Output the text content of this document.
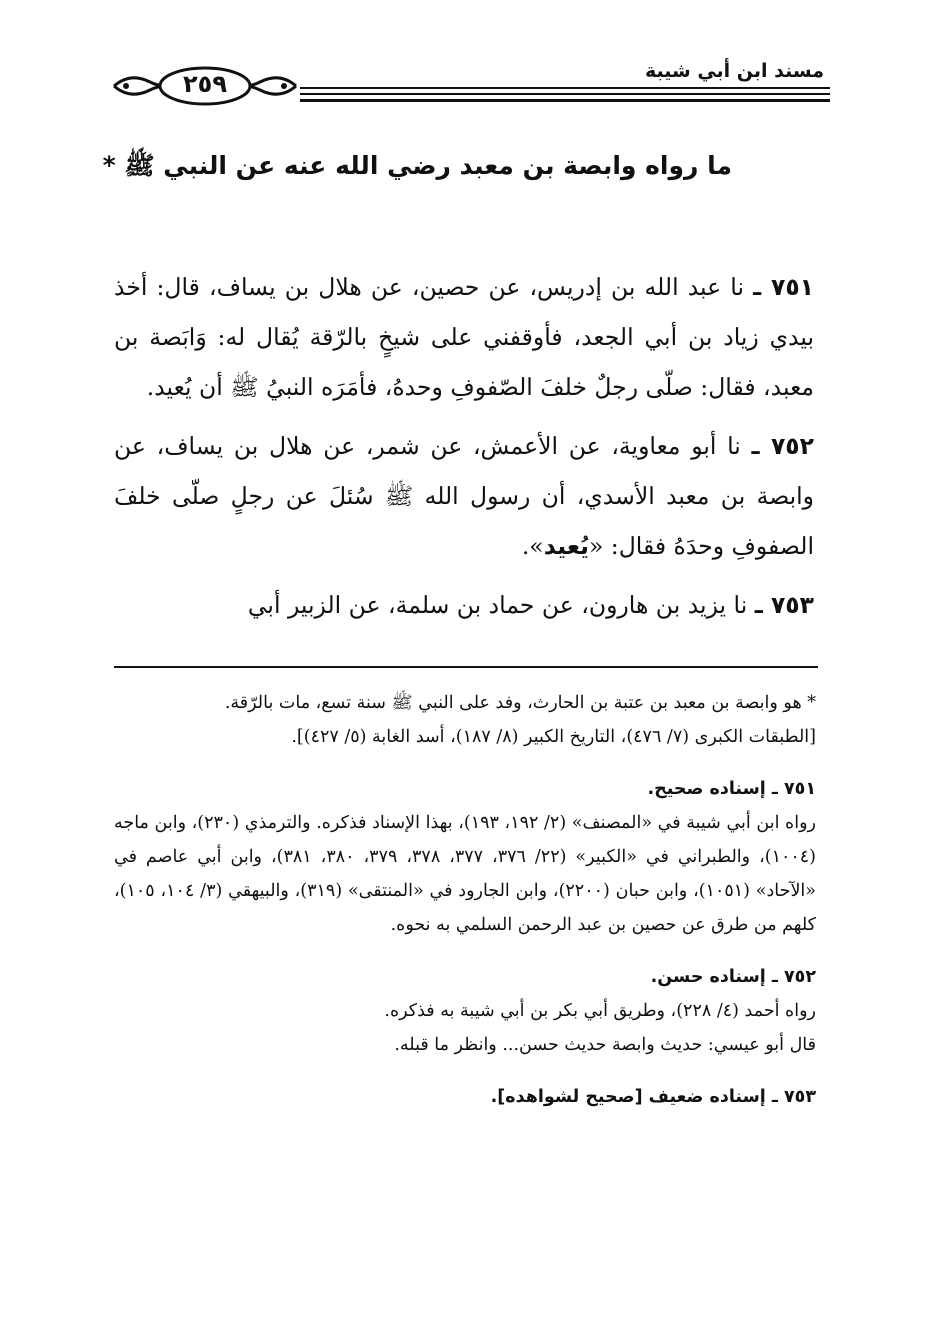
مسند ابن أبي شيبة
٢٥٩
ما رواه وابصة بن معبد رضي الله عنه عن النبي ﷺ *

٧٥١ ـ نا عبد الله بن إدريس، عن حصين، عن هلال بن يساف، قال: أخذ بيدي زياد بن أبي الجعد، فأوقفني على شيخٍ بالرّقة يُقال له: وَابَصة بن معبد، فقال: صلّى رجلٌ خلفَ الصّفوفِ وحدهُ، فأمَرَه النبيُ ﷺ أن يُعيد.

٧٥٢ ـ نا أبو معاوية، عن الأعمش، عن شمر، عن هلال بن يساف، عن وابصة بن معبد الأسدي، أن رسول الله ﷺ سُئلَ عن رجلٍ صلّى خلفَ الصفوفِ وحدَهُ فقال: «يُعيد».

٧٥٣ ـ نا يزيد بن هارون، عن حماد بن سلمة، عن الزبير أبي

* هو وابصة بن معبد بن عتبة بن الحارث، وفد على النبي ﷺ سنة تسع، مات بالرّقة.

[الطبقات الكبرى (٧/ ٤٧٦)، التاريخ الكبير (٨/ ١٨٧)، أسد الغابة (٥/ ٤٢٧)].

٧٥١ ـ إسناده صحيح.

رواه ابن أبي شيبة في «المصنف» (٢/ ١٩٢، ١٩٣)، بهذا الإسناد فذكره. والترمذي (٢٣٠)، وابن ماجه (١٠٠٤)، والطبراني في «الكبير» (٢٢/ ٣٧٦، ٣٧٧، ٣٧٨، ٣٧٩، ٣٨٠، ٣٨١)، وابن أبي عاصم في «الآحاد» (١٠٥١)، وابن حبان (٢٢٠٠)، وابن الجارود في «المنتقى» (٣١٩)، والبيهقي (٣/ ١٠٤، ١٠٥)، كلهم من طرق عن حصين بن عبد الرحمن السلمي به نحوه.

٧٥٢ ـ إسناده حسن.

رواه أحمد (٤/ ٢٢٨)، وطريق أبي بكر بن أبي شيبة به فذكره.

قال أبو عيسي: حديث وابصة حديث حسن... وانظر ما قبله.

٧٥٣ ـ إسناده ضعيف [صحيح لشواهده].
